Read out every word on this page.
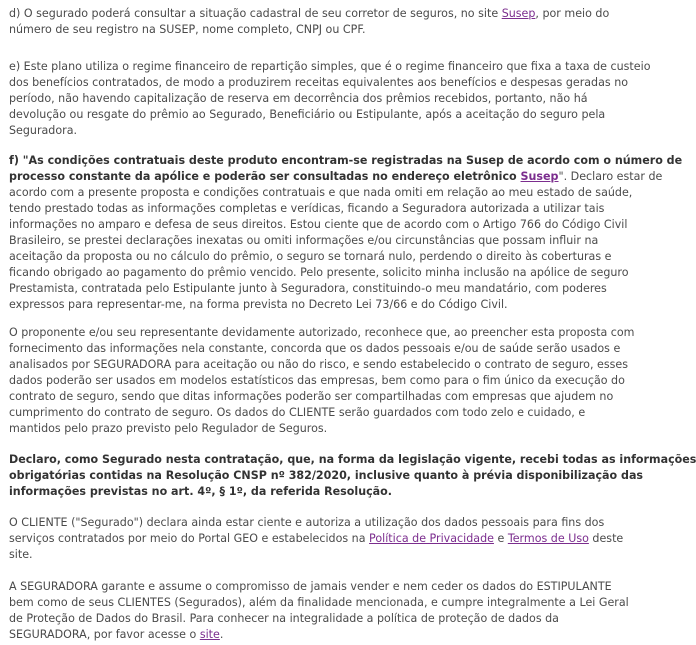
d) O segurado poderá consultar a situação cadastral de seu corretor de seguros, no site Susep, por meio do
número de seu registro na SUSEP, nome completo, CNPJ ou CPF.

e) Este plano utiliza o regime financeiro de repartição simples, que é o regime financeiro que fixa a taxa de custeio
dos benefícios contratados, de modo a produzirem receitas equivalentes aos benefícios e despesas geradas no
período, não havendo capitalização de reserva em decorrência dos prêmios recebidos, portanto, não há
devolução ou resgate do prêmio ao Segurado, Beneficiário ou Estipulante, após a aceitação do seguro pela
Seguradora.

f) "As condições contratuais deste produto encontram-se registradas na Susep de acordo com o número de
processo constante da apólice e poderão ser consultadas no endereço eletrônico Susep". Declaro estar de
acordo com a presente proposta e condições contratuais e que nada omiti em relação ao meu estado de saúde,
tendo prestado todas as informações completas e verídicas, ficando a Seguradora autorizada a utilizar tais
informações no amparo e defesa de seus direitos. Estou ciente que de acordo com o Artigo 766 do Código Civil
Brasileiro, se prestei declarações inexatas ou omiti informações e/ou circunstâncias que possam influir na
aceitação da proposta ou no cálculo do prêmio, o seguro se tornará nulo, perdendo o direito às coberturas e
ficando obrigado ao pagamento do prêmio vencido. Pelo presente, solicito minha inclusão na apólice de seguro
Prestamista, contratada pelo Estipulante junto à Seguradora, constituindo-o meu mandatário, com poderes
expressos para representar-me, na forma prevista no Decreto Lei 73/66 e do Código Civil.

O proponente e/ou seu representante devidamente autorizado, reconhece que, ao preencher esta proposta com
fornecimento das informações nela constante, concorda que os dados pessoais e/ou de saúde serão usados e
analisados por SEGURADORA para aceitação ou não do risco, e sendo estabelecido o contrato de seguro, esses
dados poderão ser usados em modelos estatísticos das empresas, bem como para o fim único da execução do
contrato de seguro, sendo que ditas informações poderão ser compartilhadas com empresas que ajudem no
cumprimento do contrato de seguro. Os dados do CLIENTE serão guardados com todo zelo e cuidado, e
mantidos pelo prazo previsto pelo Regulador de Seguros.

Declaro, como Segurado nesta contratação, que, na forma da legislação vigente, recebi todas as informações
obrigatórias contidas na Resolução CNSP nº 382/2020, inclusive quanto à prévia disponibilização das
informações previstas no art. 4º, § 1º, da referida Resolução.

O CLIENTE ("Segurado") declara ainda estar ciente e autoriza a utilização dos dados pessoais para fins dos
serviços contratados por meio do Portal GEO e estabelecidos na Política de Privacidade e Termos de Uso deste
site.

A SEGURADORA garante e assume o compromisso de jamais vender e nem ceder os dados do ESTIPULANTE
bem como de seus CLIENTES (Segurados), além da finalidade mencionada, e cumpre integralmente a Lei Geral
de Proteção de Dados do Brasil. Para conhecer na integralidade a política de proteção de dados da
SEGURADORA, por favor acesse o site.
